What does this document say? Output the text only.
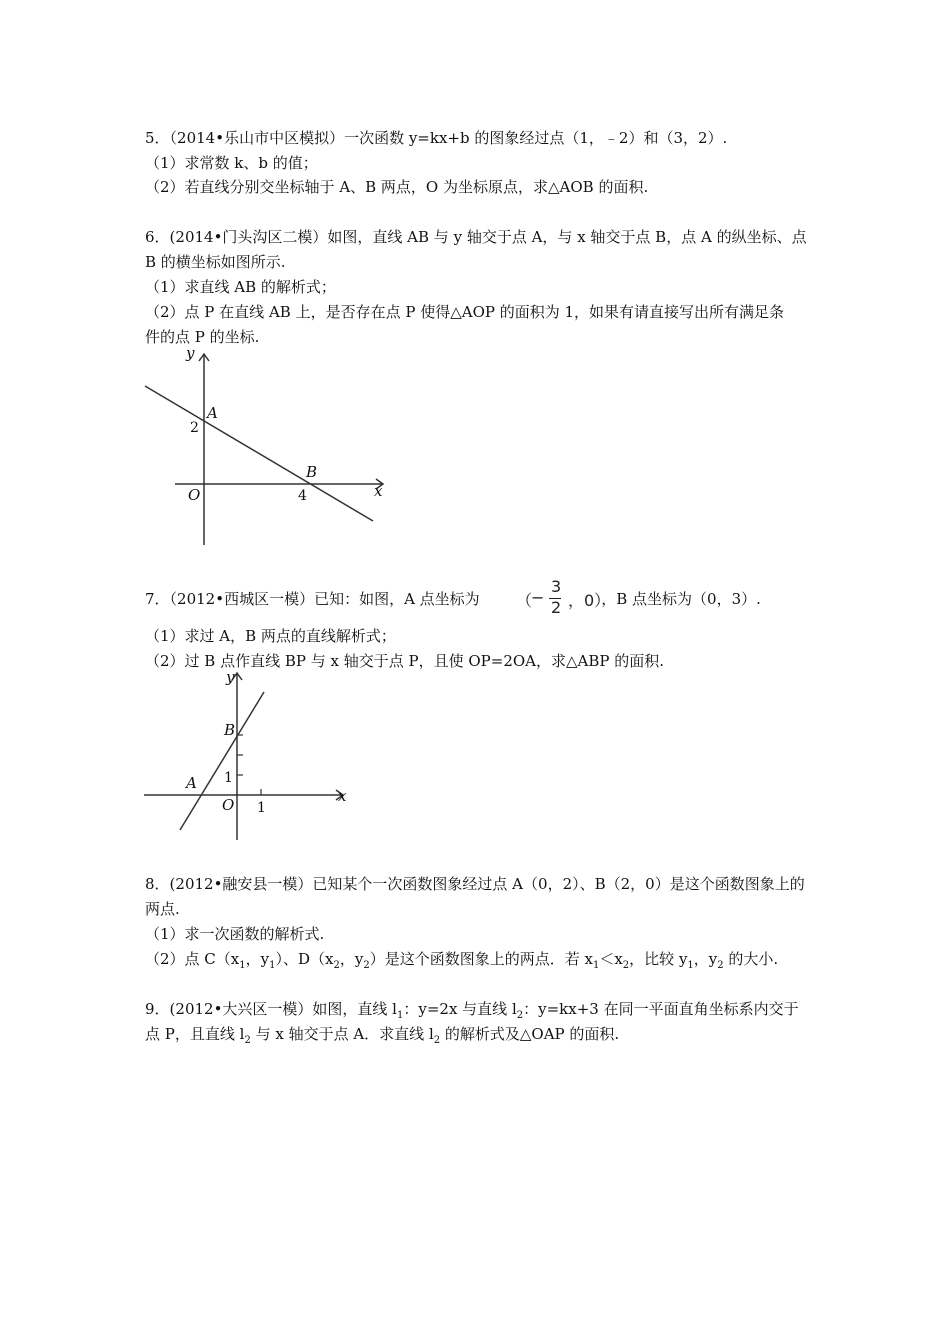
5．（2014•乐山市中区模拟）一次函数 y=kx+b 的图象经过点（1，﹣2）和（3，2）.
（1）求常数 k、b 的值；
（2）若直线分别交坐标轴于 A、B 两点，O 为坐标原点，求△AOB 的面积.
6．(2014•门头沟区二模）如图，直线 AB 与 y 轴交于点 A，与 x 轴交于点 B，点 A 的纵坐标、点
B 的横坐标如图所示.
（1）求直线 AB 的解析式；
（2）点 P 在直线 AB 上，是否存在点 P 使得△AOP 的面积为 1，如果有请直接写出所有满足条
件的点 P 的坐标.
y
x
O
A
B
2
4
7．（2012•西城区一模）已知：如图，A 点坐标为	，B 点坐标为（0，3）.
（
−
3
2 ，0）
（1）求过 A，B 两点的直线解析式；
（2）过 B 点作直线 BP 与 x 轴交于点 P，且使 OP=2OA，求△ABP 的面积.
y
x
O
A
B
1
1
8．(2012•融安县一模）已知某个一次函数图象经过点 A（0，2）、B（2，0）是这个函数图象上的
两点.
（1）求一次函数的解析式.
（2）点 $C(x_1$，$y_1$）、$D(x_2$，$y_2$）是这个函数图象上的两点．若 $x_1<x_2$，比较 $y_1$，$y_2$ 的大小.
9．(2012•大兴区一模）如图，直线 $l_1$：y=2x 与直线 $l_2$：y=kx+3 在同一平面直角坐标系内交于
点 P，且直线 $l_2$ 与 x 轴交于点 A．求直线 $l_2$ 的解析式及△OAP 的面积.
